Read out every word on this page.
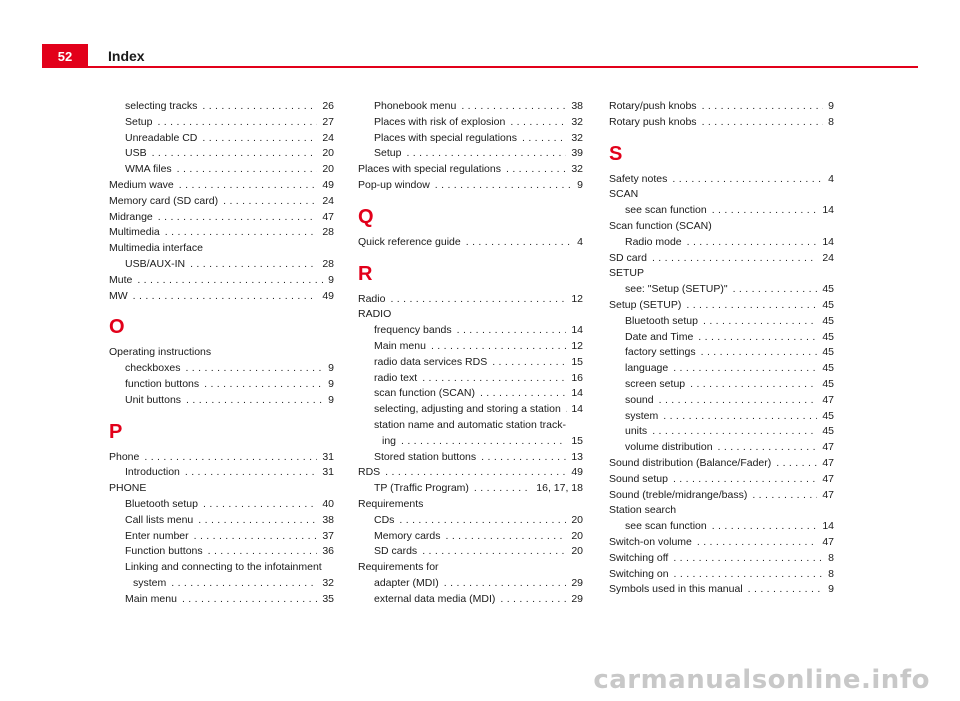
52	Index
selecting tracks . . .	26
Setup . . .	27
Unreadable CD . . .	24
USB . . .	20
WMA files . . .	20
Medium wave . . .	49
Memory card (SD card) . . .	24
Midrange . . .	47
Multimedia . . .	28
Multimedia interface
USB/AUX-IN . . .	28
Mute . . .	9
MW . . .	49
O
Operating instructions
checkboxes . . .	9
function buttons . . .	9
Unit buttons . . .	9
P
Phone . . .	31
Introduction . . .	31
PHONE
Bluetooth setup . . .	40
Call lists menu . . .	38
Enter number . . .	37
Function buttons . . .	36
Linking and connecting to the infotainment
system . . .	32
Main menu . . .	35
Phonebook menu . . .	38
Places with risk of explosion . . .	32
Places with special regulations . . .	32
Setup . . .	39
Places with special regulations . . .	32
Pop-up window . . .	9
Q
Quick reference guide . . .	4
R
Radio . . .	12
RADIO
frequency bands . . .	14
Main menu . . .	12
radio data services RDS . . .	15
radio text . . .	16
scan function (SCAN) . . .	14
selecting, adjusting and storing a station . . . 14
station name and automatic station track-
ing . . .	15
Stored station buttons . . .	13
RDS . . .	49
TP (Traffic Program) . . .	16, 17, 18
Requirements
CDs . . .	20
Memory cards . . .	20
SD cards . . .	20
Requirements for
adapter (MDI) . . .	29
external data media (MDI) . . .	29
Rotary/push knobs . . .	9
Rotary push knobs . . .	8
S
Safety notes . . .	4
SCAN
see scan function . . .	14
Scan function (SCAN)
Radio mode . . .	14
SD card . . .	24
SETUP
see: "Setup (SETUP)" . . .	45
Setup (SETUP) . . .	45
Bluetooth setup . . .	45
Date and Time . . .	45
factory settings . . .	45
language . . .	45
screen setup . . .	45
sound . . .	47
system . . .	45
units . . .	45
volume distribution . . .	47
Sound distribution (Balance/Fader) . . .	47
Sound setup . . .	47
Sound (treble/midrange/bass) . . .	47
Station search
see scan function . . .	14
Switch-on volume . . .	47
Switching off . . .	8
Switching on . . .	8
Symbols used in this manual . . .	9
carmanualsonline.info
